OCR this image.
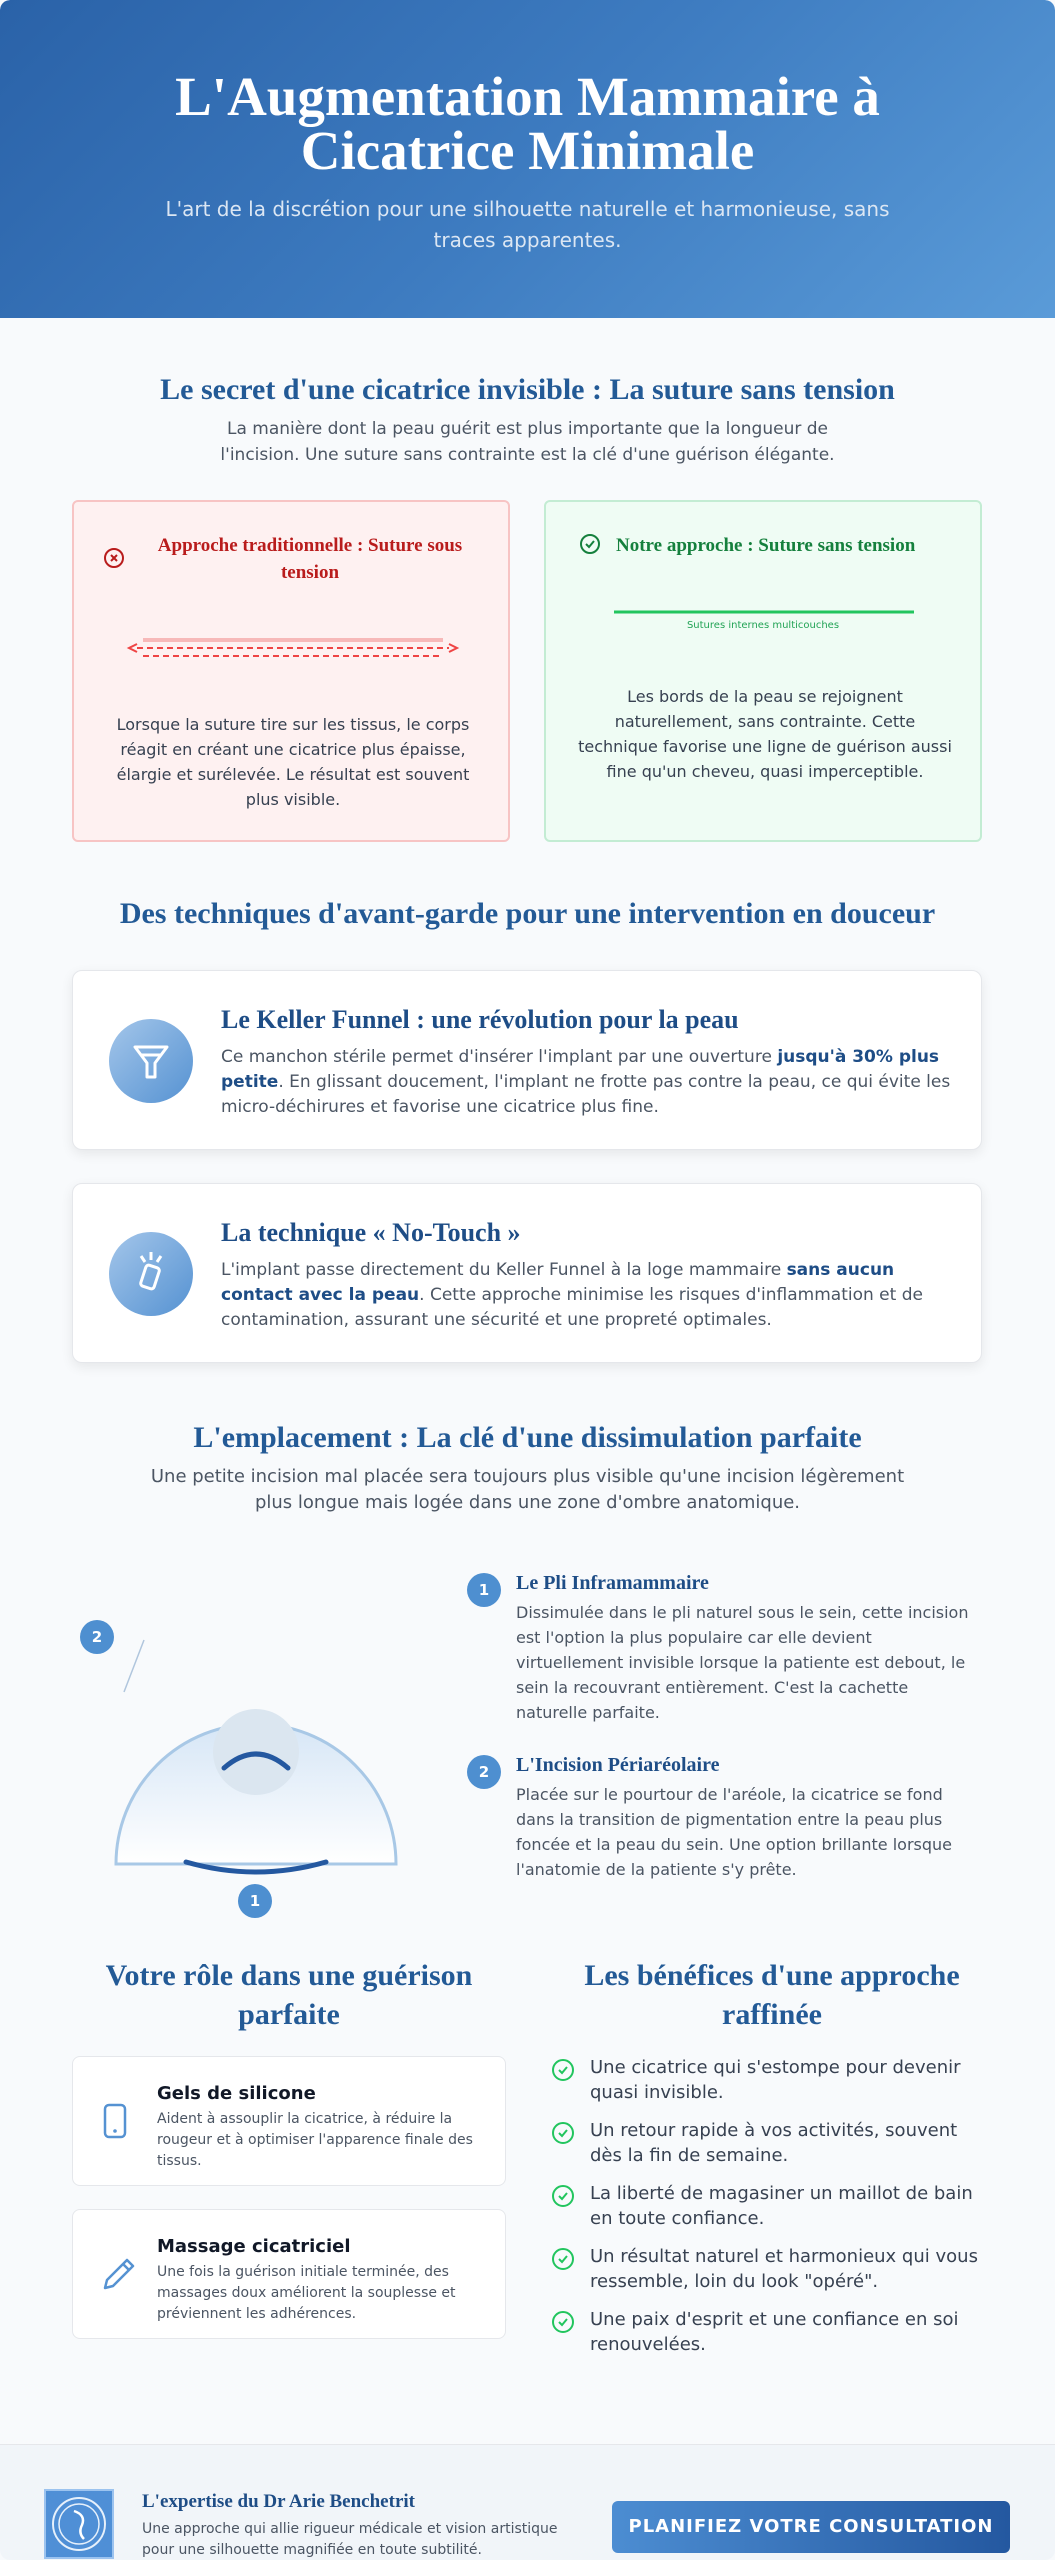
L'Augmentation Mammaire à Cicatrice Minimale

L'art de la discrétion pour une silhouette naturelle et harmonieuse, sans traces apparentes.

Le secret d'une cicatrice invisible : La suture sans tension

La manière dont la peau guérit est plus importante que la longueur de l'incision. Une suture sans contrainte est la clé d'une guérison élégante.

Approche traditionnelle : Suture sous tension

Lorsque la suture tire sur les tissus, le corps réagit en créant une cicatrice plus épaisse, élargie et surélevée. Le résultat est souvent plus visible.

Notre approche : Suture sans tension
Sutures internes multicouches

Les bords de la peau se rejoignent naturellement, sans contrainte. Cette technique favorise une ligne de guérison aussi fine qu'un cheveu, quasi imperceptible.

Des techniques d'avant-garde pour une intervention en douceur
Le Keller Funnel : une révolution pour la peau

Ce manchon stérile permet d'insérer l'implant par une ouverture jusqu'à 30% plus petite. En glissant doucement, l'implant ne frotte pas contre la peau, ce qui évite les micro-déchirures et favorise une cicatrice plus fine.

La technique « No-Touch »

L'implant passe directement du Keller Funnel à la loge mammaire sans aucun contact avec la peau. Cette approche minimise les risques d'inflammation et de contamination, assurant une sécurité et une propreté optimales.

L'emplacement : La clé d'une dissimulation parfaite

Une petite incision mal placée sera toujours plus visible qu'une incision légèrement plus longue mais logée dans une zone d'ombre anatomique.

2
1
1	Le Pli Inframammaire

Dissimulée dans le pli naturel sous le sein, cette incision est l'option la plus populaire car elle devient virtuellement invisible lorsque la patiente est debout, le sein la recouvrant entièrement. C'est la cachette naturelle parfaite.

2	L'Incision Périaréolaire

Placée sur le pourtour de l'aréole, la cicatrice se fond dans la transition de pigmentation entre la peau plus foncée et la peau du sein. Une option brillante lorsque l'anatomie de la patiente s'y prête.

Votre rôle dans une guérison parfaite
Gels de silicone

Aident à assouplir la cicatrice, à réduire la rougeur et à optimiser l'apparence finale des tissus.

Massage cicatriciel

Une fois la guérison initiale terminée, des massages doux améliorent la souplesse et préviennent les adhérences.

Les bénéfices d'une approche raffinée
Une cicatrice qui s'estompe pour devenir quasi invisible.
Un retour rapide à vos activités, souvent dès la fin de semaine.
La liberté de magasiner un maillot de bain en toute confiance.
Un résultat naturel et harmonieux qui vous ressemble, loin du look "opéré".
Une paix d'esprit et une confiance en soi renouvelées.
L'expertise du Dr Arie Benchetrit

Une approche qui allie rigueur médicale et vision artistique pour une silhouette magnifiée en toute subtilité.

PLANIFIEZ VOTRE CONSULTATION
